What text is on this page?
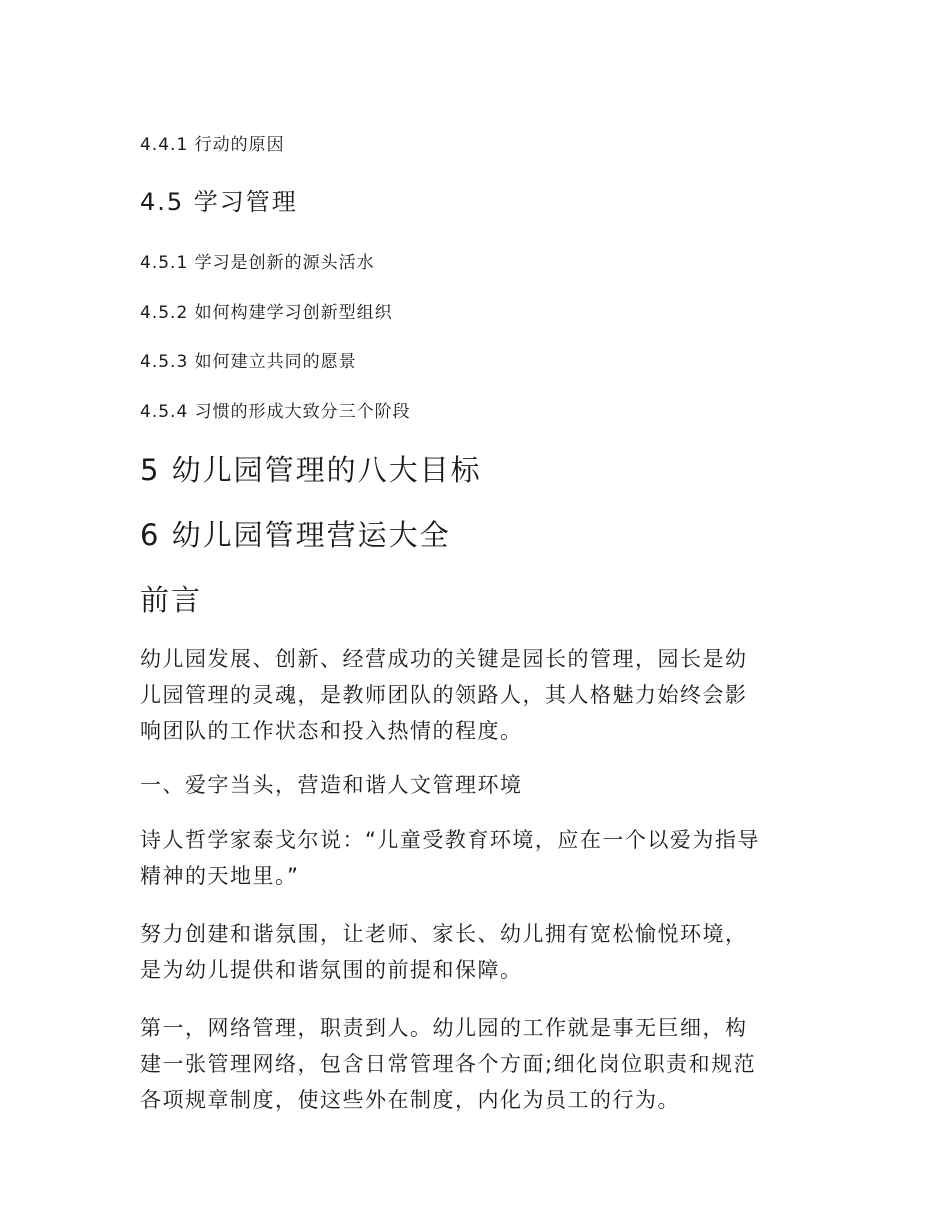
4.4.1 行动的原因
4.5 学习管理
4.5.1 学习是创新的源头活水
4.5.2 如何构建学习创新型组织
4.5.3 如何建立共同的愿景
4.5.4 习惯的形成大致分三个阶段
5 幼儿园管理的八大目标
6 幼儿园管理营运大全
前言
幼儿园发展、创新、经营成功的关键是园长的管理，园长是幼
儿园管理的灵魂，是教师团队的领路人，其人格魅力始终会影
响团队的工作状态和投入热情的程度。
一、爱字当头，营造和谐人文管理环境
诗人哲学家泰戈尔说：“儿童受教育环境，应在一个以爱为指导
精神的天地里。”
努力创建和谐氛围，让老师、家长、幼儿拥有宽松愉悦环境，
是为幼儿提供和谐氛围的前提和保障。
第一，网络管理，职责到人。幼儿园的工作就是事无巨细，构
建一张管理网络，包含日常管理各个方面;细化岗位职责和规范
各项规章制度，使这些外在制度，内化为员工的行为。
